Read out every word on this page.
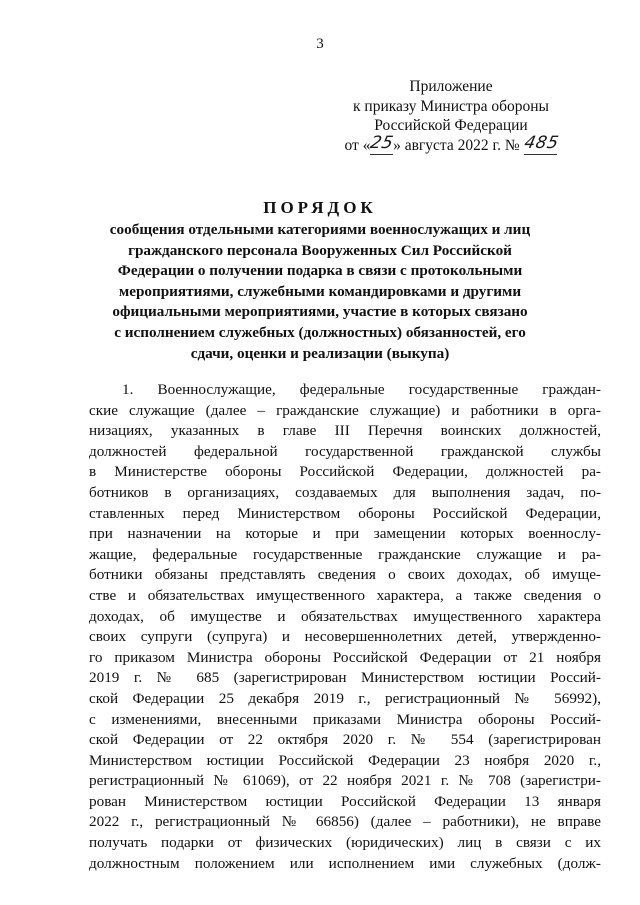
3
Приложение
к приказу Министра обороны
Российской Федерации
от «25» августа 2022 г. № 485
ПОРЯДОК
сообщения отдельными категориями военнослужащих и лиц
гражданского персонала Вооруженных Сил Российской
Федерации о получении подарка в связи с протокольными
мероприятиями, служебными командировками и другими
официальными мероприятиями, участие в которых связано
с исполнением служебных (должностных) обязанностей, его
сдачи, оценки и реализации (выкупа)
1. Военнослужащие, федеральные государственные граждан-
ские служащие (далее – гражданские служащие) и работники в орга-
низациях, указанных в главе III Перечня воинских должностей,
должностей федеральной государственной гражданской службы
в Министерстве обороны Российской Федерации, должностей ра-
ботников в организациях, создаваемых для выполнения задач, по-
ставленных перед Министерством обороны Российской Федерации,
при назначении на которые и при замещении которых военнослу-
жащие, федеральные государственные гражданские служащие и ра-
ботники обязаны представлять сведения о своих доходах, об имуще-
стве и обязательствах имущественного характера, а также сведения о
доходах, об имуществе и обязательствах имущественного характера
своих супруги (супруга) и несовершеннолетних детей, утвержденно-
го приказом Министра обороны Российской Федерации от 21 ноября
2019 г. № 685 (зарегистрирован Министерством юстиции Россий-
ской Федерации 25 декабря 2019 г., регистрационный № 56992),
с изменениями, внесенными приказами Министра обороны Россий-
ской Федерации от 22 октября 2020 г. № 554 (зарегистрирован
Министерством юстиции Российской Федерации 23 ноября 2020 г.,
регистрационный № 61069), от 22 ноября 2021 г. № 708 (зарегистри-
рован Министерством юстиции Российской Федерации 13 января
2022 г., регистрационный № 66856) (далее – работники), не вправе
получать подарки от физических (юридических) лиц в связи с их
должностным положением или исполнением ими служебных (долж-
